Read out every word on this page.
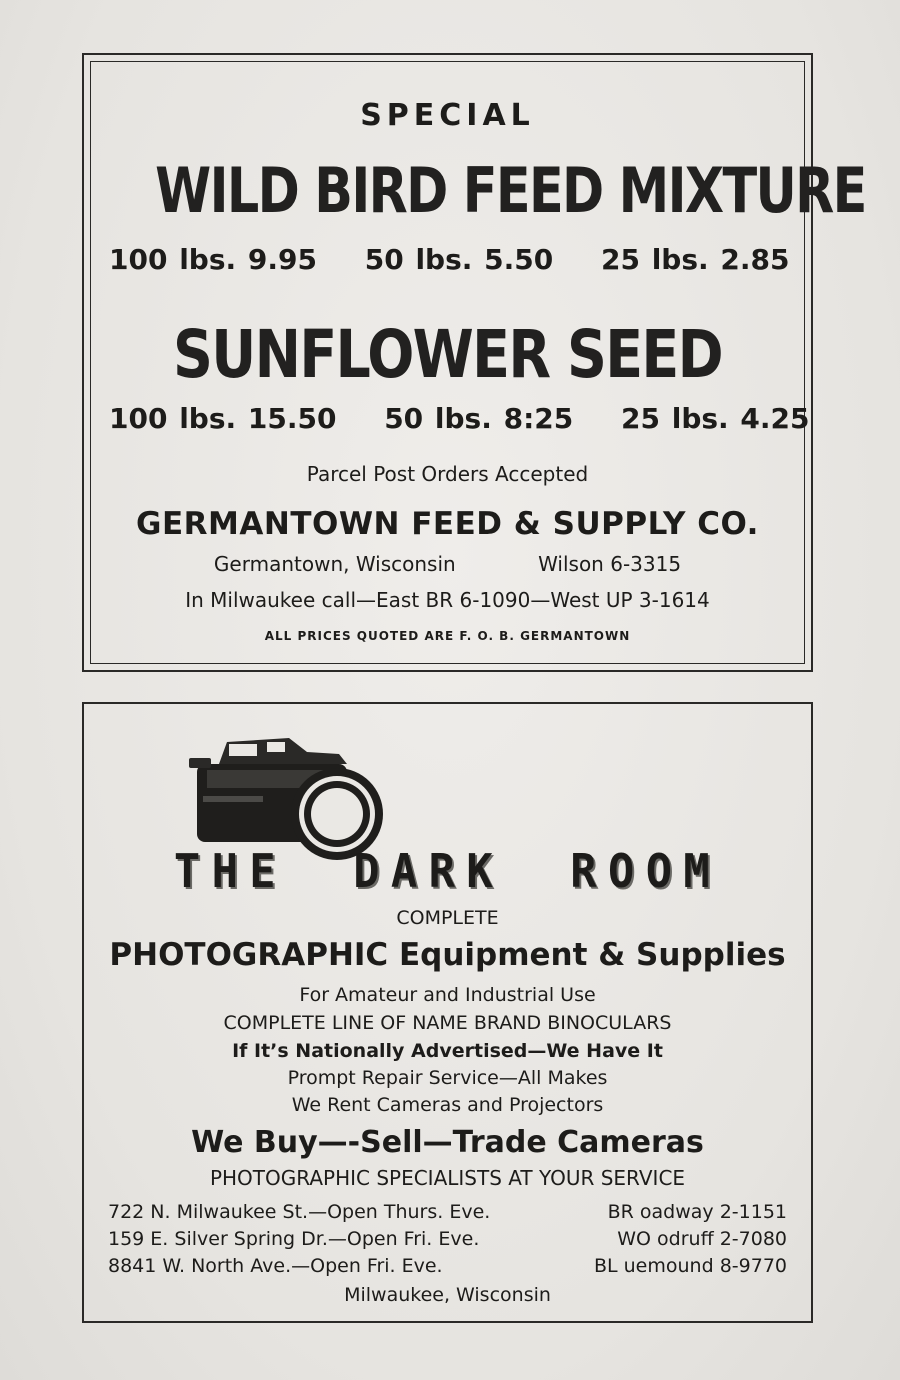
SPECIAL
WILD BIRD FEED MIXTURE
100 lbs. 9.95 50 lbs. 5.50 25 lbs. 2.85
SUNFLOWER SEED
100 lbs. 15.50 50 lbs. 8:25 25 lbs. 4.25
Parcel Post Orders Accepted
GERMANTOWN FEED & SUPPLY CO.
Germantown, Wisconsin	Wilson 6-3315
In Milwaukee call—East BR 6-1090—West UP 3-1614
ALL PRICES QUOTED ARE F. O. B. GERMANTOWN
THE DARK ROOM
COMPLETE
PHOTOGRAPHIC Equipment & Supplies
For Amateur and Industrial Use
COMPLETE LINE OF NAME BRAND BINOCULARS
If It’s Nationally Advertised—We Have It
Prompt Repair Service—All Makes
We Rent Cameras and Projectors
We Buy—-Sell—Trade Cameras
PHOTOGRAPHIC SPECIALISTS AT YOUR SERVICE
722 N. Milwaukee St.—Open Thurs. Eve.	BR oadway 2-1151
159 E. Silver Spring Dr.—Open Fri. Eve.	WO odruff 2-7080
8841 W. North Ave.—Open Fri. Eve.	BL uemound 8-9770
Milwaukee, Wisconsin
